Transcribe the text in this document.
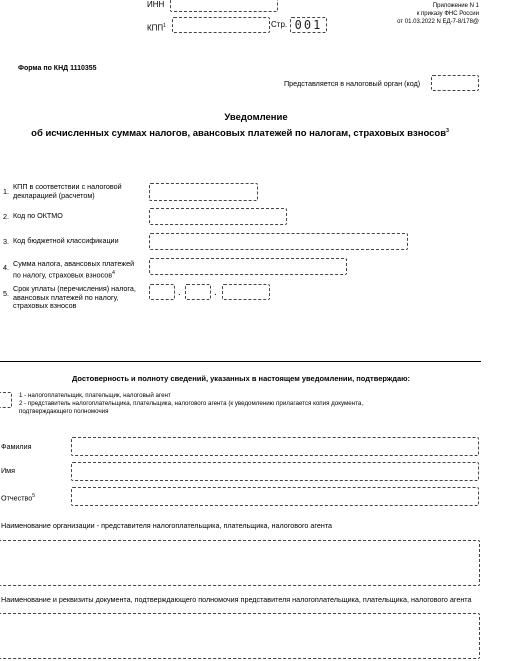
ИНН
КПП$^1$	Стр. 001
Приложение N 1
к приказу ФНС России
от 01.03.2022 N ЕД-7-8/178@
Форма по КНД 1110355
Представляется в налоговый орган (код)
Уведомление
об исчисленных суммах налогов, авансовых платежей по налогам, страховых взносов$^3$
1.
КПП в соответствии с налоговой декларацией (расчетом)
2. Код по ОКТМО
3. Код бюджетной классификации
4. Сумма налога, авансовых платежей по налогу, страховых взносов$^4$
5.
Срок уплаты (перечисления) налога, авансовых платежей по налогу, страховых взносов
.	.
Достоверность и полноту сведений, указанных в настоящем уведомлении, подтверждаю:
1 - налогоплательщик, плательщик, налоговый агент
2 - представитель налогоплательщика, плательщика, налогового агента (к уведомлению прилагается копия документа,
подтверждающего полномочия
Фамилия
Имя
Отчество$^5$
Наименование организации - представителя налогоплательщика, плательщика, налогового агента
Наименование и реквизиты документа, подтверждающего полномочия представителя налогоплательщика, плательщика, налогового агента
